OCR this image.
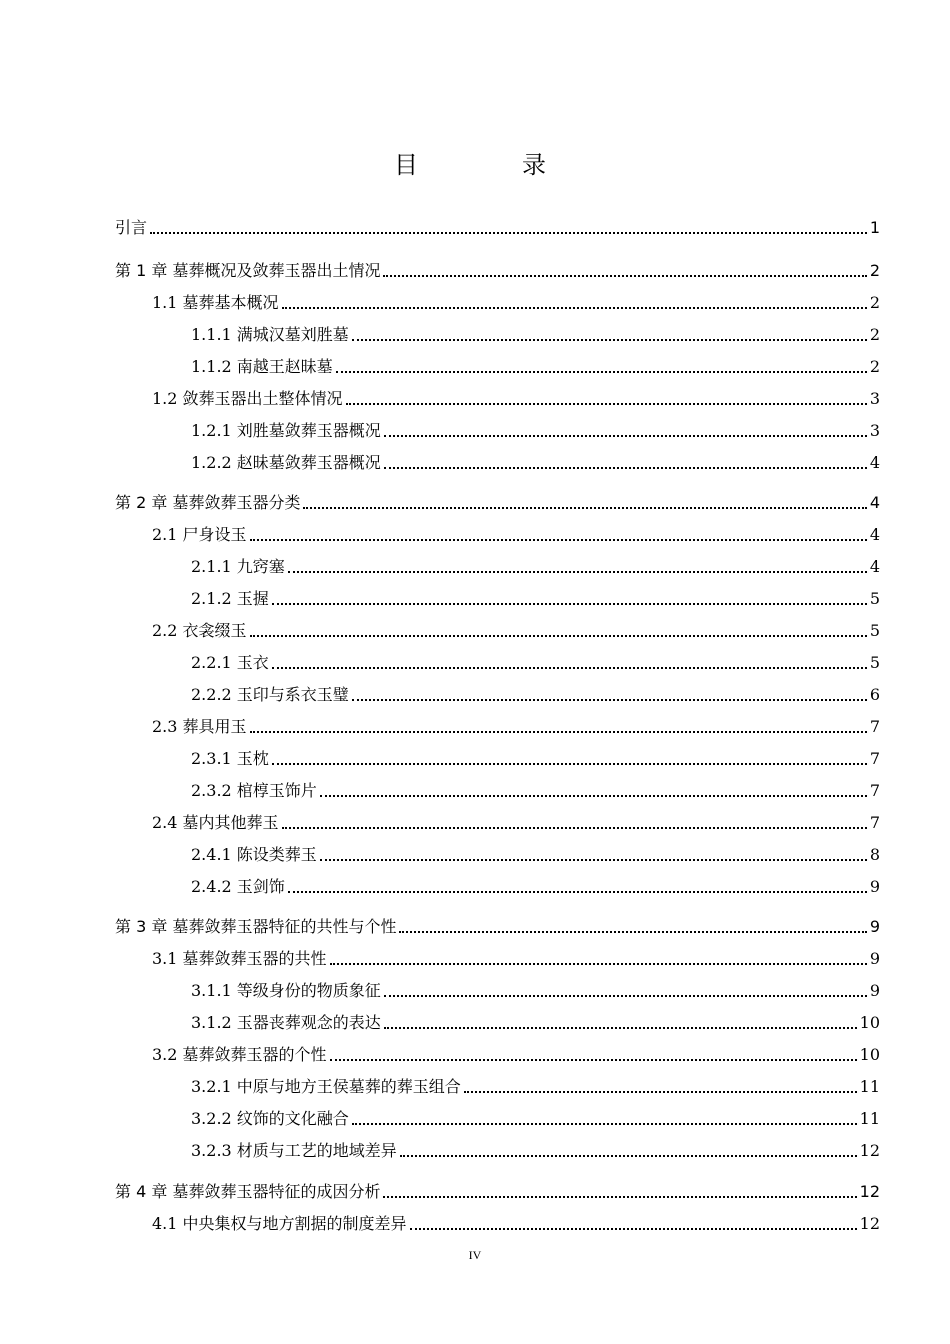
目　录
引言	1
第 1 章 墓葬概况及敛葬玉器出土情况	2
1.1 墓葬基本概况	2
1.1.1 满城汉墓刘胜墓	2
1.1.2 南越王赵昧墓	2
1.2 敛葬玉器出土整体情况	3
1.2.1 刘胜墓敛葬玉器概况	3
1.2.2 赵昧墓敛葬玉器概况	4
第 2 章 墓葬敛葬玉器分类	4
2.1 尸身设玉	4
2.1.1 九窍塞	4
2.1.2 玉握	5
2.2 衣衾缀玉	5
2.2.1 玉衣	5
2.2.2 玉印与系衣玉璧	6
2.3 葬具用玉	7
2.3.1 玉枕	7
2.3.2 棺椁玉饰片	7
2.4 墓内其他葬玉	7
2.4.1 陈设类葬玉	8
2.4.2 玉剑饰	9
第 3 章 墓葬敛葬玉器特征的共性与个性	9
3.1 墓葬敛葬玉器的共性	9
3.1.1 等级身份的物质象征	9
3.1.2 玉器丧葬观念的表达	10
3.2 墓葬敛葬玉器的个性	10
3.2.1 中原与地方王侯墓葬的葬玉组合	11
3.2.2 纹饰的文化融合	11
3.2.3 材质与工艺的地域差异	12
第 4 章 墓葬敛葬玉器特征的成因分析	12
4.1 中央集权与地方割据的制度差异	12
IV
